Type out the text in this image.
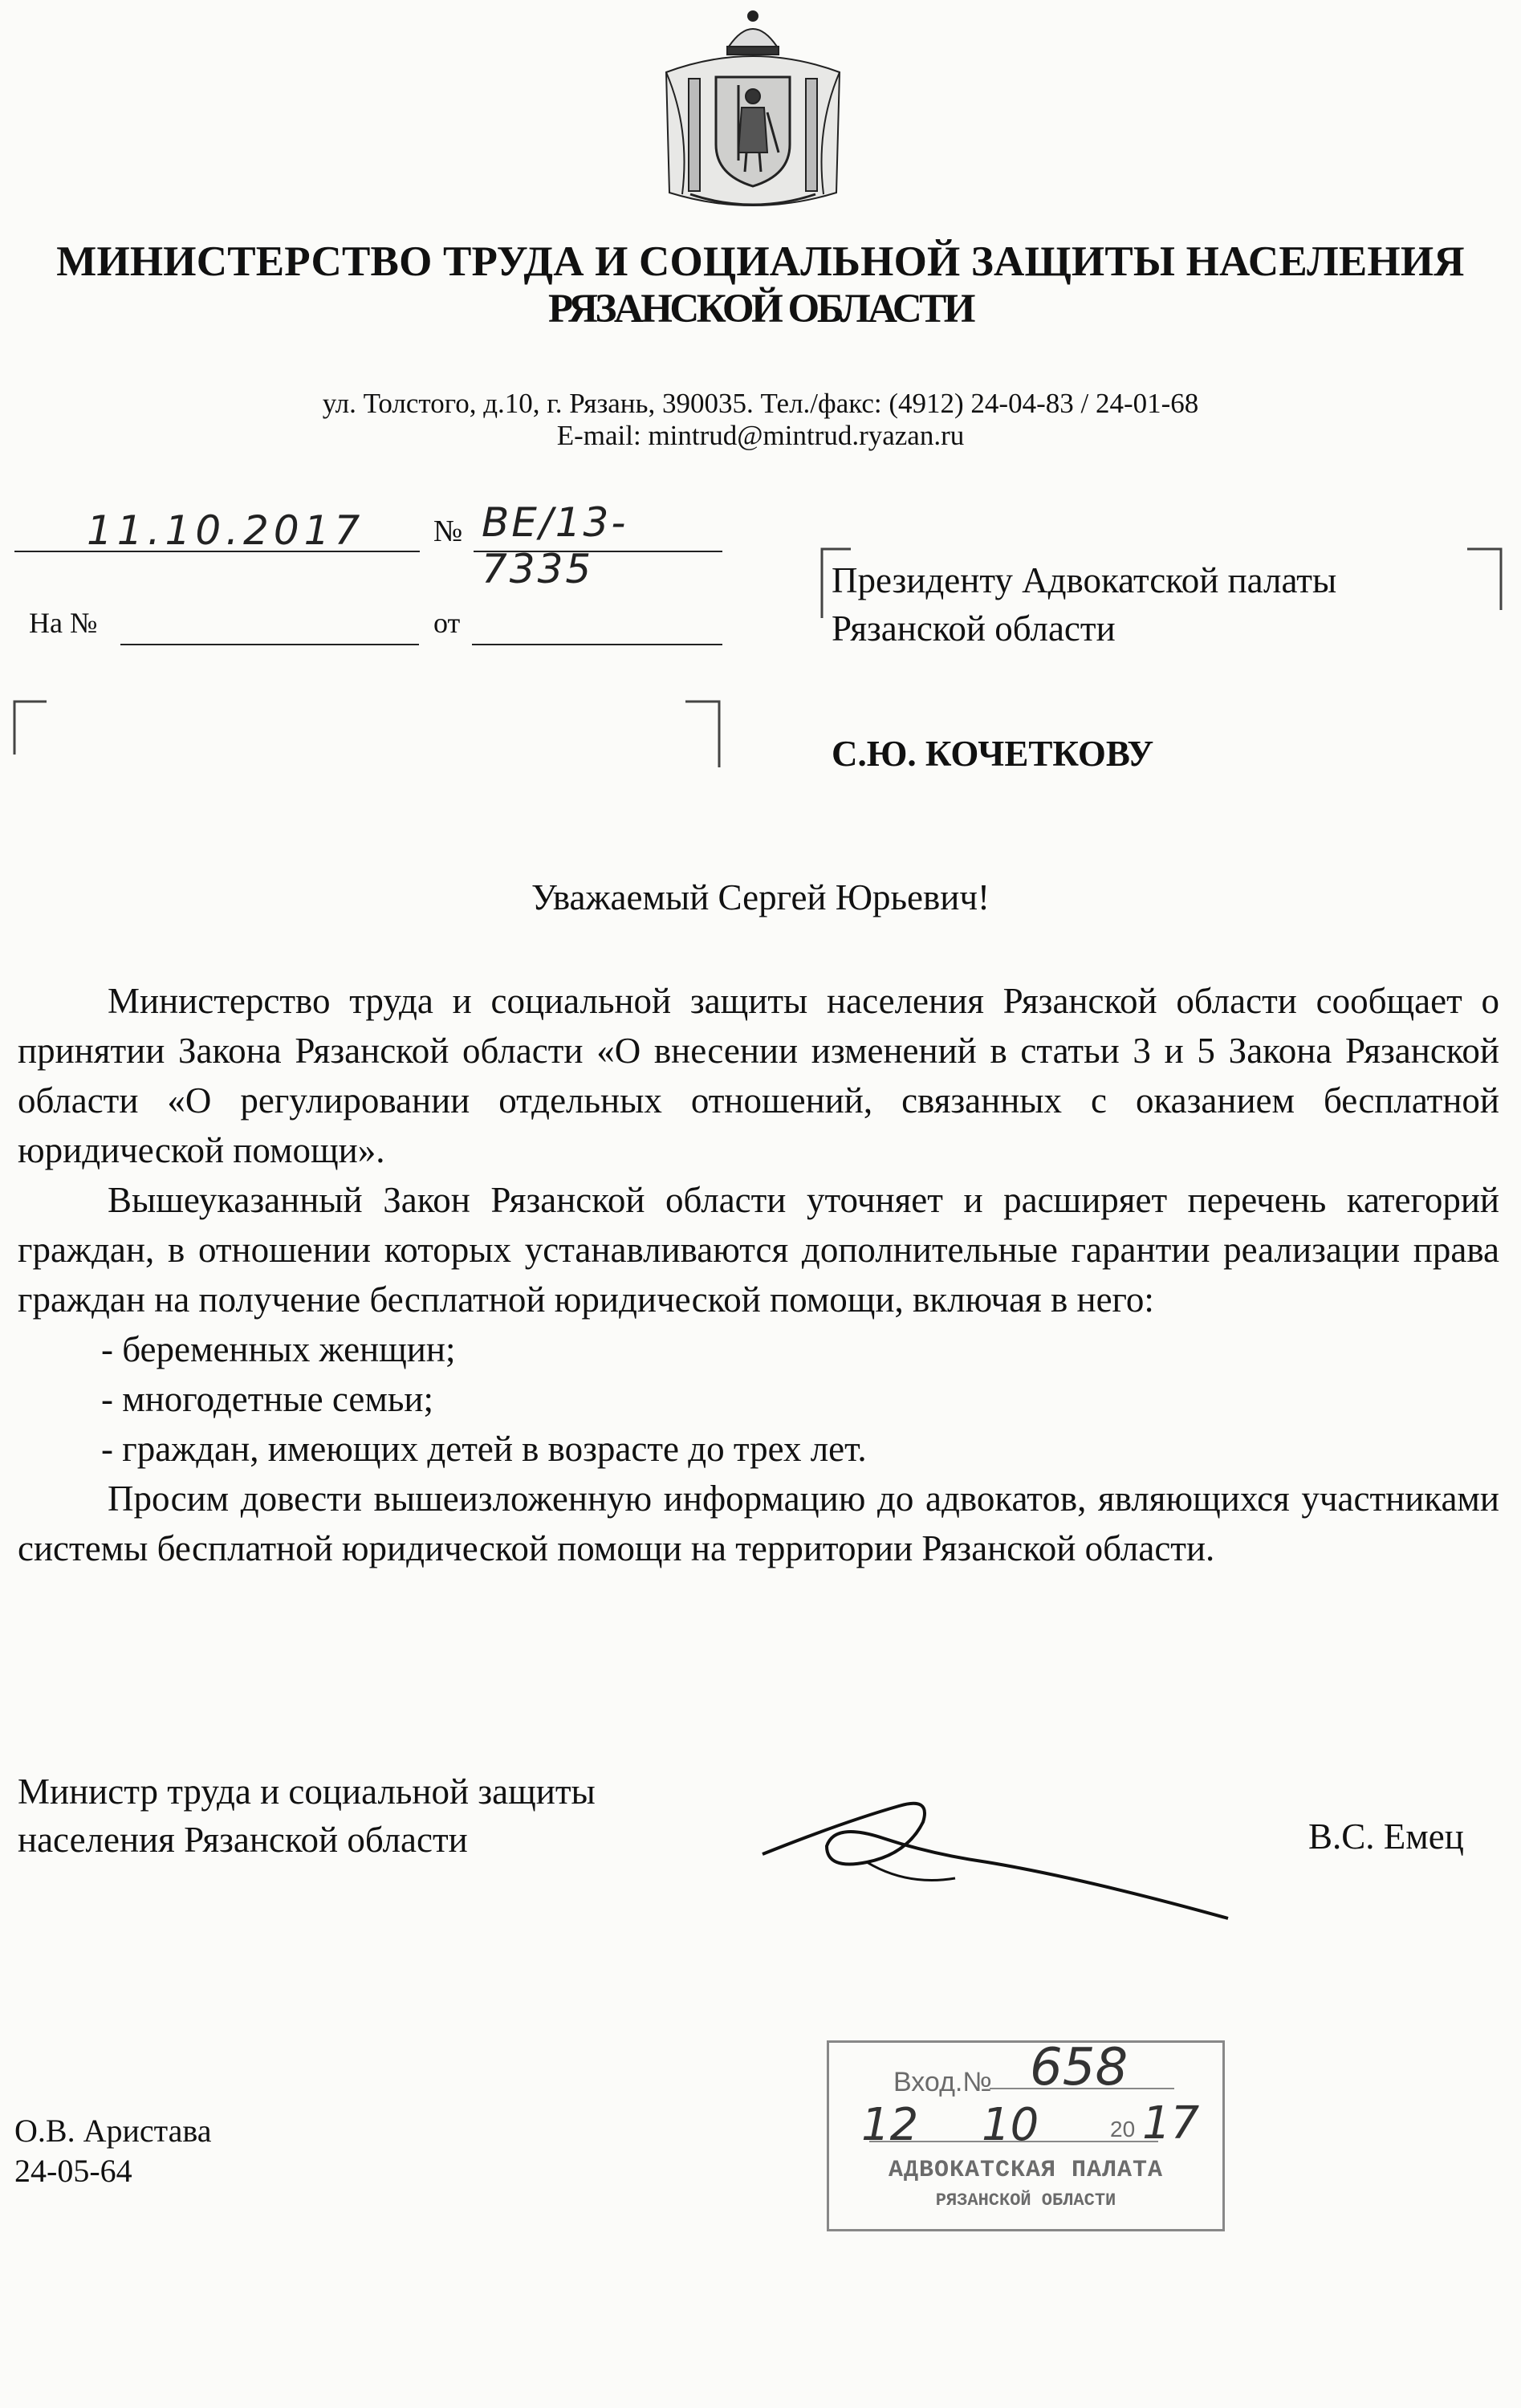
МИНИСТЕРСТВО ТРУДА И СОЦИАЛЬНОЙ ЗАЩИТЫ НАСЕЛЕНИЯ
РЯЗАНСКОЙ ОБЛАСТИ
ул. Толстого, д.10, г. Рязань, 390035. Тел./факс: (4912) 24-04-83 / 24-01-68
E-mail: mintrud@mintrud.ryazan.ru
11.10.2017 № ВЕ/13-7335
На №	от
Президенту Адвокатской палаты
Рязанской области
С.Ю. КОЧЕТКОВУ
Уважаемый Сергей Юрьевич!

Министерство труда и социальной защиты населения Рязанской области сообщает о принятии Закона Рязанской области «О внесении изменений в статьи 3 и 5 Закона Рязанской области «О регулировании отдельных отношений, связанных с оказанием бесплатной юридической помощи».

Вышеуказанный Закон Рязанской области уточняет и расширяет перечень категорий граждан, в отношении которых устанавливаются дополнительные гарантии реализации права граждан на получение бесплатной юридической помощи, включая в него:

- беременных женщин;
- многодетные семьи;
- граждан, имеющих детей в возрасте до трех лет.

Просим довести вышеизложенную информацию до адвокатов, являющихся участниками системы бесплатной юридической помощи на территории Рязанской области.

Министр труда и социальной защиты
населения Рязанской области	В.С. Емец
О.В. Аристава
24-05-64
Вход.№ 658
12 10	20 17
АДВОКАТСКАЯ ПАЛАТА
РЯЗАНСКОЙ ОБЛАСТИ
